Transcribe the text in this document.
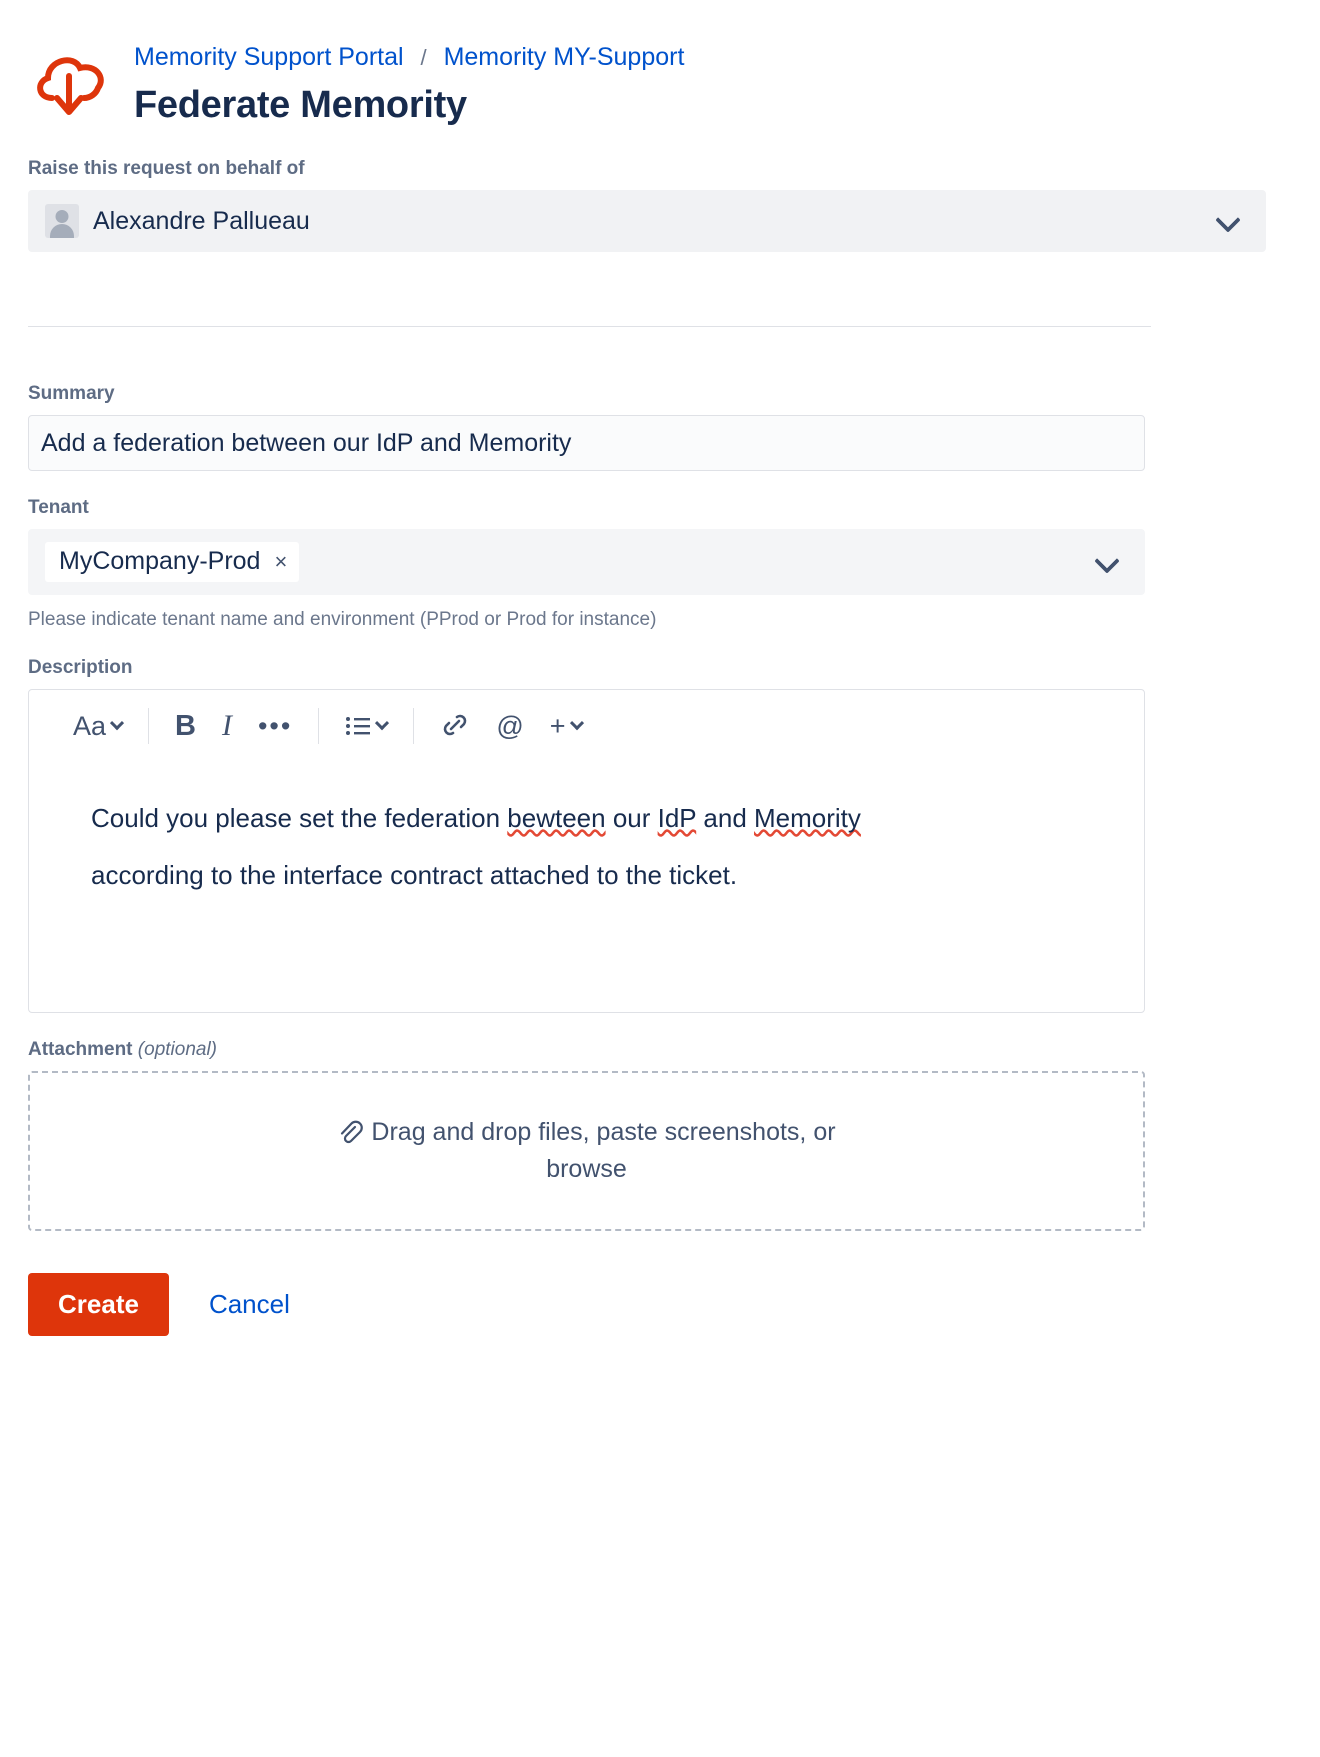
Memority Support Portal / Memority MY-Support
Federate Memority
Raise this request on behalf of
Alexandre Pallueau
Summary
Add a federation between our IdP and Memority
Tenant
MyCompany-Prod ×
Please indicate tenant name and environment (PProd or Prod for instance)
Description
Aa B I •••	@ +

Could you please set the federation bewteen our IdP and Memority

according to the interface contract attached to the ticket.

Attachment (optional)
Drag and drop files, paste screenshots, or
browse
Create	Cancel
